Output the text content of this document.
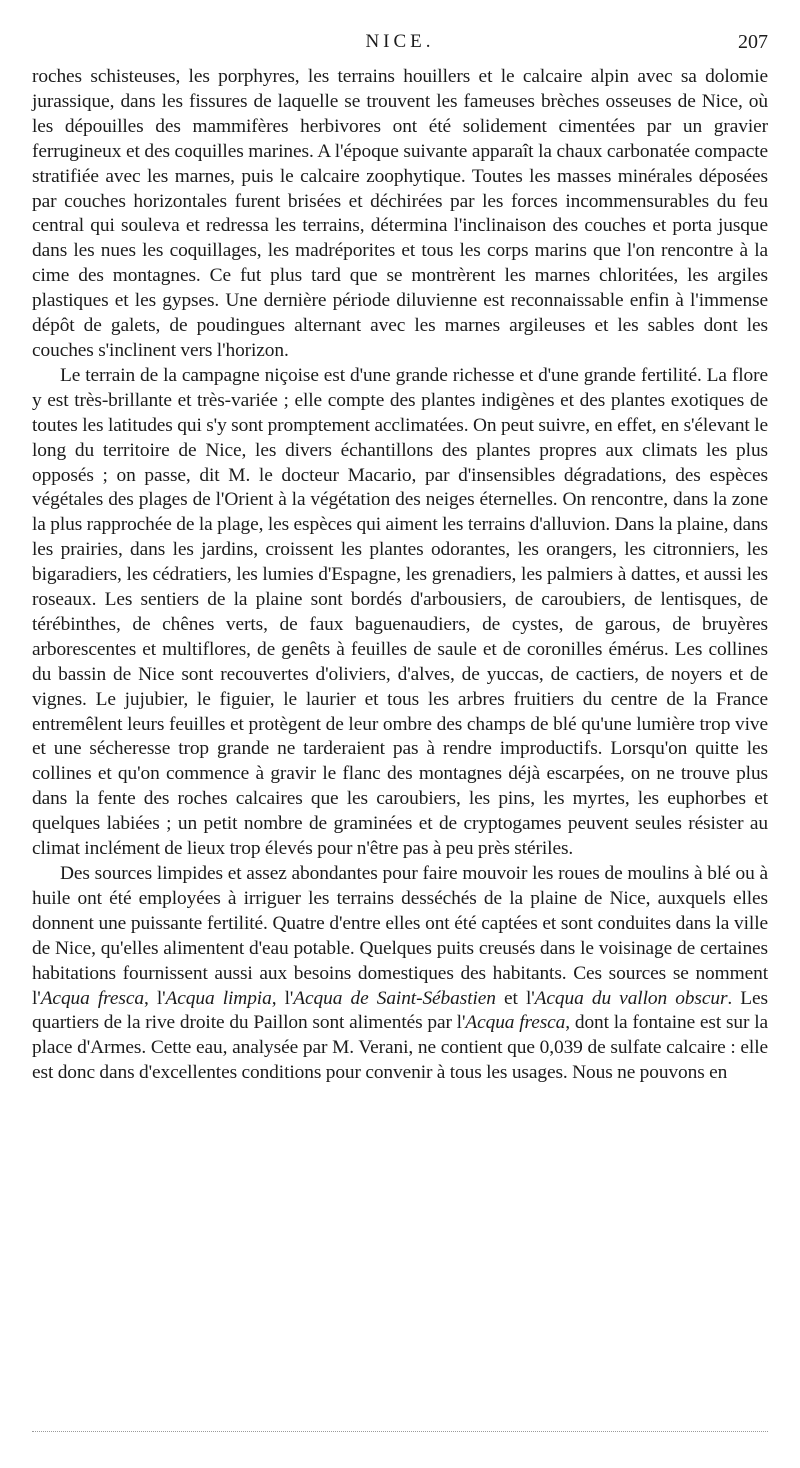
NICE.	207

roches schisteuses, les porphyres, les terrains houillers et le calcaire alpin avec sa dolomie jurassique, dans les fissures de laquelle se trouvent les fameuses brèches osseuses de Nice, où les dépouilles des mammifères herbivores ont été solidement cimentées par un gravier ferrugineux et des coquilles marines. A l'époque suivante apparaît la chaux carbonatée compacte stratifiée avec les marnes, puis le calcaire zoophytique. Toutes les masses minérales déposées par couches horizontales furent brisées et déchirées par les forces incommensurables du feu central qui souleva et redressa les terrains, détermina l'inclinaison des couches et porta jusque dans les nues les coquillages, les madréporites et tous les corps marins que l'on rencontre à la cime des montagnes. Ce fut plus tard que se montrèrent les marnes chloritées, les argiles plastiques et les gypses. Une dernière période diluvienne est reconnaissable enfin à l'immense dépôt de galets, de poudingues alternant avec les marnes argileuses et les sables dont les couches s'inclinent vers l'horizon.

Le terrain de la campagne niçoise est d'une grande richesse et d'une grande fertilité. La flore y est très-brillante et très-variée ; elle compte des plantes indigènes et des plantes exotiques de toutes les latitudes qui s'y sont promptement acclimatées. On peut suivre, en effet, en s'élevant le long du territoire de Nice, les divers échantillons des plantes propres aux climats les plus opposés ; on passe, dit M. le docteur Macario, par d'insensibles dégradations, des espèces végétales des plages de l'Orient à la végétation des neiges éternelles. On rencontre, dans la zone la plus rapprochée de la plage, les espèces qui aiment les terrains d'alluvion. Dans la plaine, dans les prairies, dans les jardins, croissent les plantes odorantes, les orangers, les citronniers, les bigaradiers, les cédratiers, les lumies d'Espagne, les grenadiers, les palmiers à dattes, et aussi les roseaux. Les sentiers de la plaine sont bordés d'arbousiers, de caroubiers, de lentisques, de térébinthes, de chênes verts, de faux baguenaudiers, de cystes, de garous, de bruyères arborescentes et multiflores, de genêts à feuilles de saule et de coronilles émérus. Les collines du bassin de Nice sont recouvertes d'oliviers, d'alves, de yuccas, de cactiers, de noyers et de vignes. Le jujubier, le figuier, le laurier et tous les arbres fruitiers du centre de la France entremêlent leurs feuilles et protègent de leur ombre des champs de blé qu'une lumière trop vive et une sécheresse trop grande ne tarderaient pas à rendre improductifs. Lorsqu'on quitte les collines et qu'on commence à gravir le flanc des montagnes déjà escarpées, on ne trouve plus dans la fente des roches calcaires que les caroubiers, les pins, les myrtes, les euphorbes et quelques labiées ; un petit nombre de graminées et de cryptogames peuvent seules résister au climat inclément de lieux trop élevés pour n'être pas à peu près stériles.

Des sources limpides et assez abondantes pour faire mouvoir les roues de moulins à blé ou à huile ont été employées à irriguer les terrains desséchés de la plaine de Nice, auxquels elles donnent une puissante fertilité. Quatre d'entre elles ont été captées et sont conduites dans la ville de Nice, qu'elles alimentent d'eau potable. Quelques puits creusés dans le voisinage de certaines habitations fournissent aussi aux besoins domestiques des habitants. Ces sources se nomment l'Acqua fresca, l'Acqua limpia, l'Acqua de Saint-Sébastien et l'Acqua du vallon obscur. Les quartiers de la rive droite du Paillon sont alimentés par l'Acqua fresca, dont la fontaine est sur la place d'Armes. Cette eau, analysée par M. Verani, ne contient que 0,039 de sulfate calcaire : elle est donc dans d'excellentes conditions pour convenir à tous les usages. Nous ne pouvons en
